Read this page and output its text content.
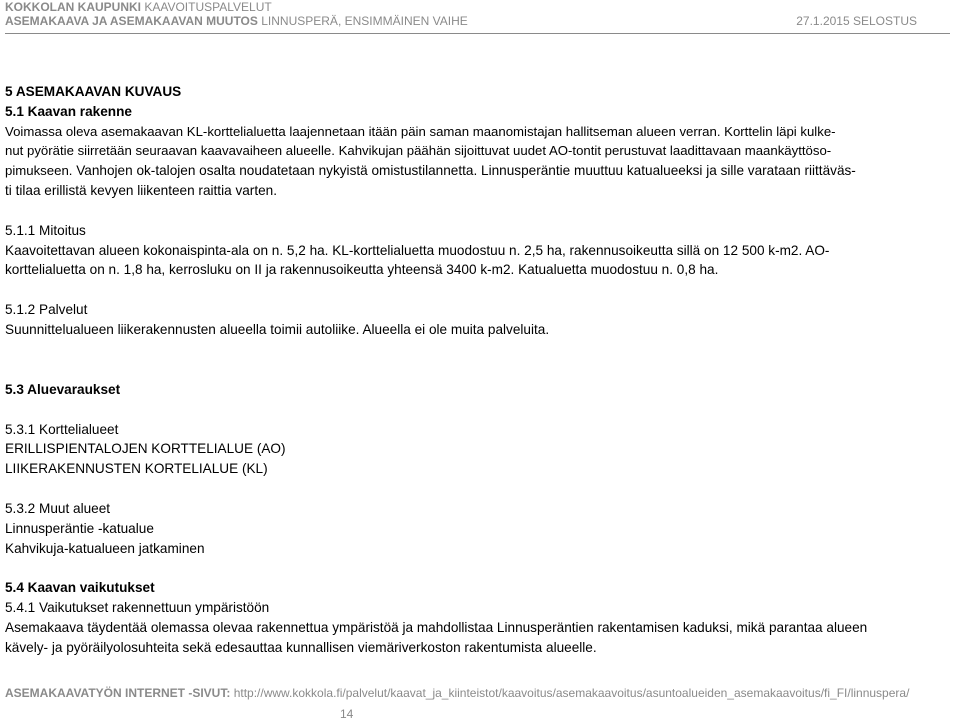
KOKKOLAN KAUPUNKI KAAVOITUSPALVELUT
ASEMAKAAVA JA ASEMAKAAVAN MUUTOS LINNUSPERÄ, ENSIMMÄINEN VAIHE	27.1.2015 SELOSTUS

5 ASEMAKAAVAN KUVAUS

5.1 Kaavan rakenne

Voimassa oleva asemakaavan KL-korttelialuetta laajennetaan itään päin saman maanomistajan hallitseman alueen verran. Korttelin läpi kulke-

nut pyörätie siirretään seuraavan kaavavaiheen alueelle. Kahvikujan päähän sijoittuvat uudet AO-tontit perustuvat laadittavaan maankäyttöso-

pimukseen. Vanhojen ok-talojen osalta noudatetaan nykyistä omistustilannetta. Linnusperäntie muuttuu katualueeksi ja sille varataan riittäväs-

ti tilaa erillistä kevyen liikenteen raittia varten.

5.1.1 Mitoitus

Kaavoitettavan alueen kokonaispinta-ala on n. 5,2 ha. KL-korttelialuetta muodostuu n. 2,5 ha, rakennusoikeutta sillä on 12 500 k-m2. AO-

korttelialuetta on n. 1,8 ha, kerrosluku on II ja rakennusoikeutta yhteensä 3400 k-m2. Katualuetta muodostuu n. 0,8 ha.

5.1.2 Palvelut

Suunnittelualueen liikerakennusten alueella toimii autoliike. Alueella ei ole muita palveluita.

5.3 Aluevaraukset

5.3.1 Korttelialueet

ERILLISPIENTALOJEN KORTTELIALUE (AO)

LIIKERAKENNUSTEN KORTELIALUE (KL)

5.3.2 Muut alueet

Linnusperäntie -katualue

Kahvikuja-katualueen jatkaminen

5.4 Kaavan vaikutukset

5.4.1 Vaikutukset rakennettuun ympäristöön

Asemakaava täydentää olemassa olevaa rakennettua ympäristöä ja mahdollistaa Linnusperäntien rakentamisen kaduksi, mikä parantaa alueen

kävely- ja pyöräilyolosuhteita sekä edesauttaa kunnallisen viemäriverkoston rakentumista alueelle.

ASEMAKAAVATYÖN INTERNET -SIVUT: http://www.kokkola.fi/palvelut/kaavat_ja_kiinteistot/kaavoitus/asemakaavoitus/asuntoalueiden_asemakaavoitus/fi_FI/linnuspera/
14
